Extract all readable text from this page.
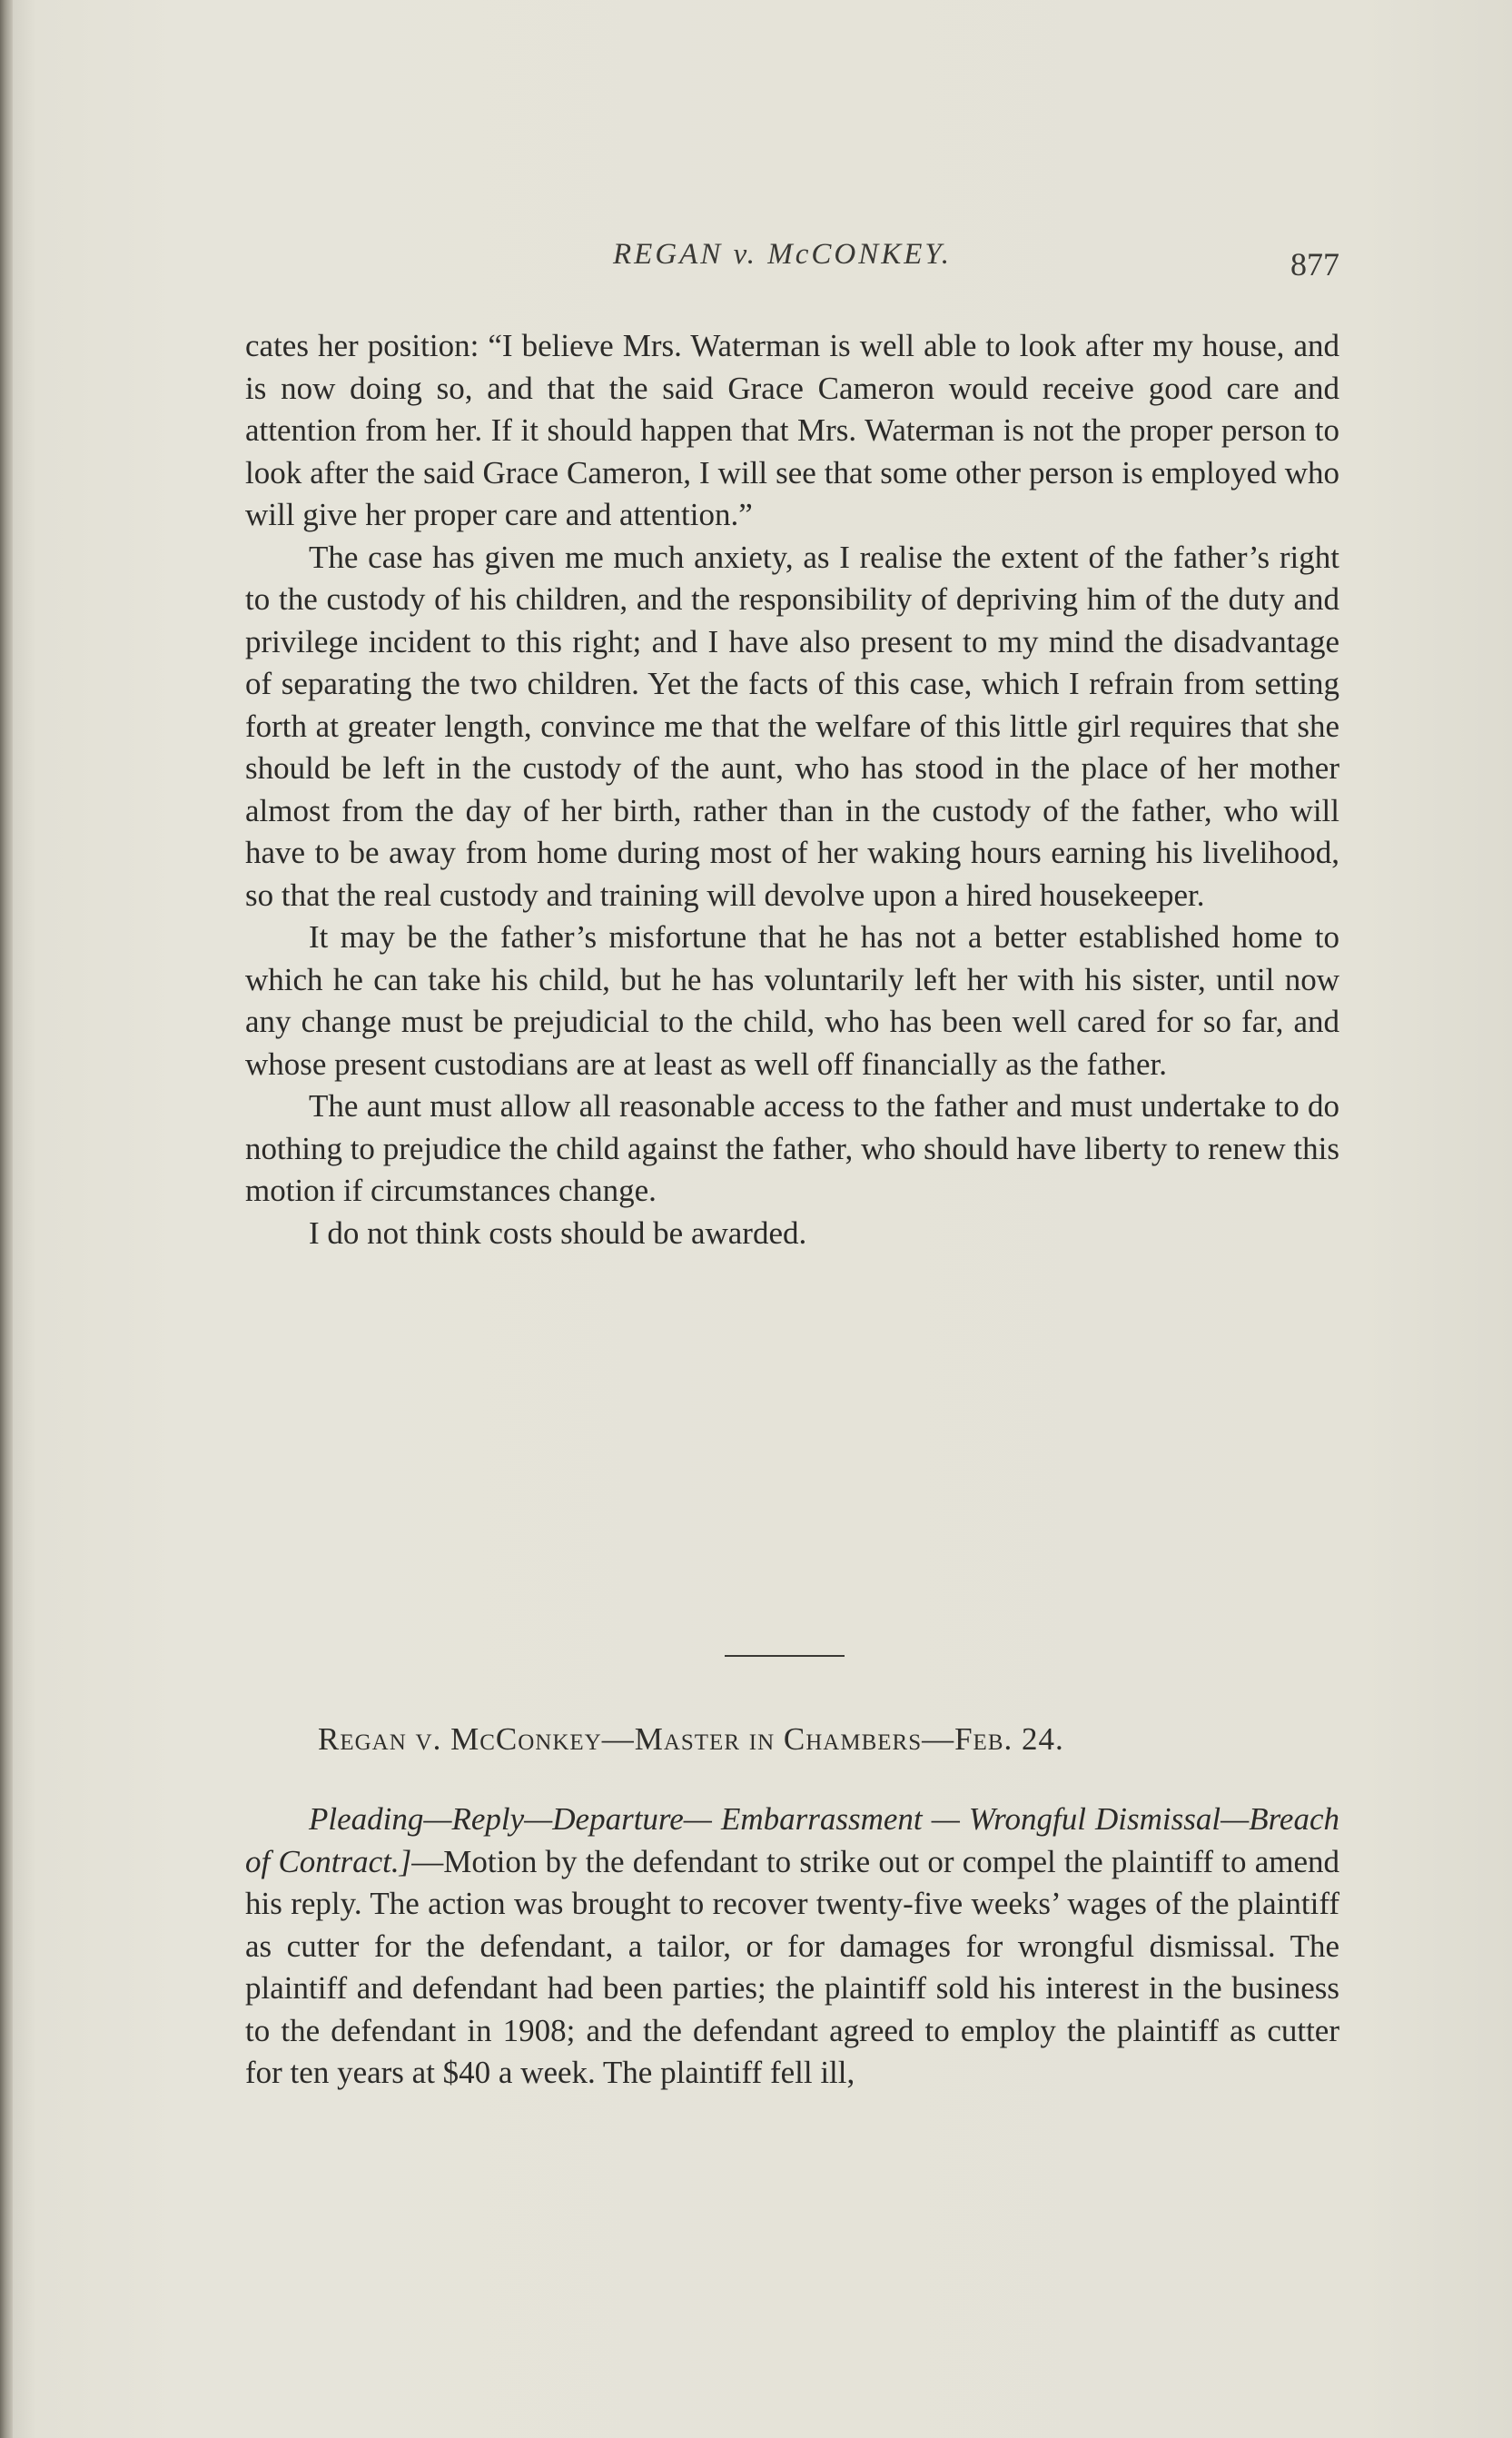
REGAN v. McCONKEY.	877

cates her position: “I believe Mrs. Waterman is well able to look after my house, and is now doing so, and that the said Grace Cameron would receive good care and attention from her. If it should happen that Mrs. Waterman is not the proper person to look after the said Grace Cameron, I will see that some other person is employed who will give her proper care and attention.”

The case has given me much anxiety, as I realise the extent of the father’s right to the custody of his children, and the responsibility of depriving him of the duty and privilege incident to this right; and I have also present to my mind the disadvantage of separating the two children. Yet the facts of this case, which I refrain from setting forth at greater length, convince me that the welfare of this little girl requires that she should be left in the custody of the aunt, who has stood in the place of her mother almost from the day of her birth, rather than in the custody of the father, who will have to be away from home during most of her waking hours earning his livelihood, so that the real custody and training will devolve upon a hired housekeeper.

It may be the father’s misfortune that he has not a better established home to which he can take his child, but he has voluntarily left her with his sister, until now any change must be prejudicial to the child, who has been well cared for so far, and whose present custodians are at least as well off financially as the father.

The aunt must allow all reasonable access to the father and must undertake to do nothing to prejudice the child against the father, who should have liberty to renew this motion if circumstances change.

I do not think costs should be awarded.

Regan v. McConkey—Master in Chambers—Feb. 24.

Pleading—Reply—Departure— Embarrassment — Wrongful Dismissal—Breach of Contract.]—Motion by the defendant to strike out or compel the plaintiff to amend his reply. The action was brought to recover twenty-five weeks’ wages of the plaintiff as cutter for the defendant, a tailor, or for damages for wrongful dismissal. The plaintiff and defendant had been parties; the plaintiff sold his interest in the business to the defendant in 1908; and the defendant agreed to employ the plaintiff as cutter for ten years at $40 a week. The plaintiff fell ill,
